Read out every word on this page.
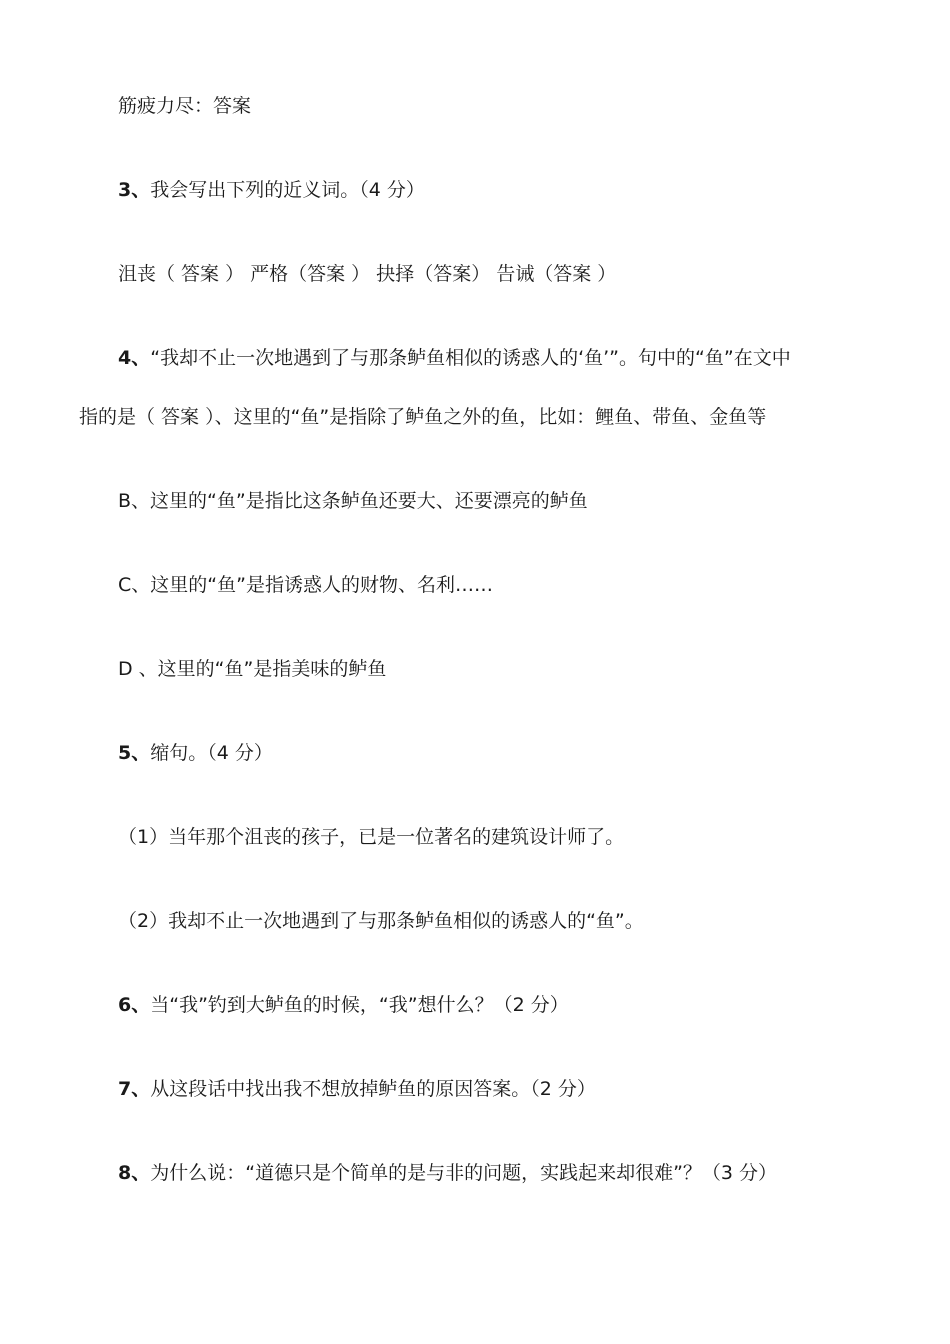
筋疲力尽：答案
3、我会写出下列的近义词。（4 分）
沮丧（ 答案 ） 严格（答案 ） 抉择（答案） 告诫（答案 ）
4、“我却不止一次地遇到了与那条鲈鱼相似的诱惑人的‘鱼’”。句中的“鱼”在文中
指的是（ 答案 ）、这里的“鱼”是指除了鲈鱼之外的鱼，比如：鲤鱼、带鱼、金鱼等
B、这里的“鱼”是指比这条鲈鱼还要大、还要漂亮的鲈鱼
C、这里的“鱼”是指诱惑人的财物、名利……
D 、这里的“鱼”是指美味的鲈鱼
5、缩句。（4 分）
（1）当年那个沮丧的孩子，已是一位著名的建筑设计师了。
（2）我却不止一次地遇到了与那条鲈鱼相似的诱惑人的“鱼”。
6、当“我”钓到大鲈鱼的时候，“我”想什么？（2 分）
7、从这段话中找出我不想放掉鲈鱼的原因答案。（2 分）
8、为什么说：“道德只是个简单的是与非的问题，实践起来却很难”？（3 分）
